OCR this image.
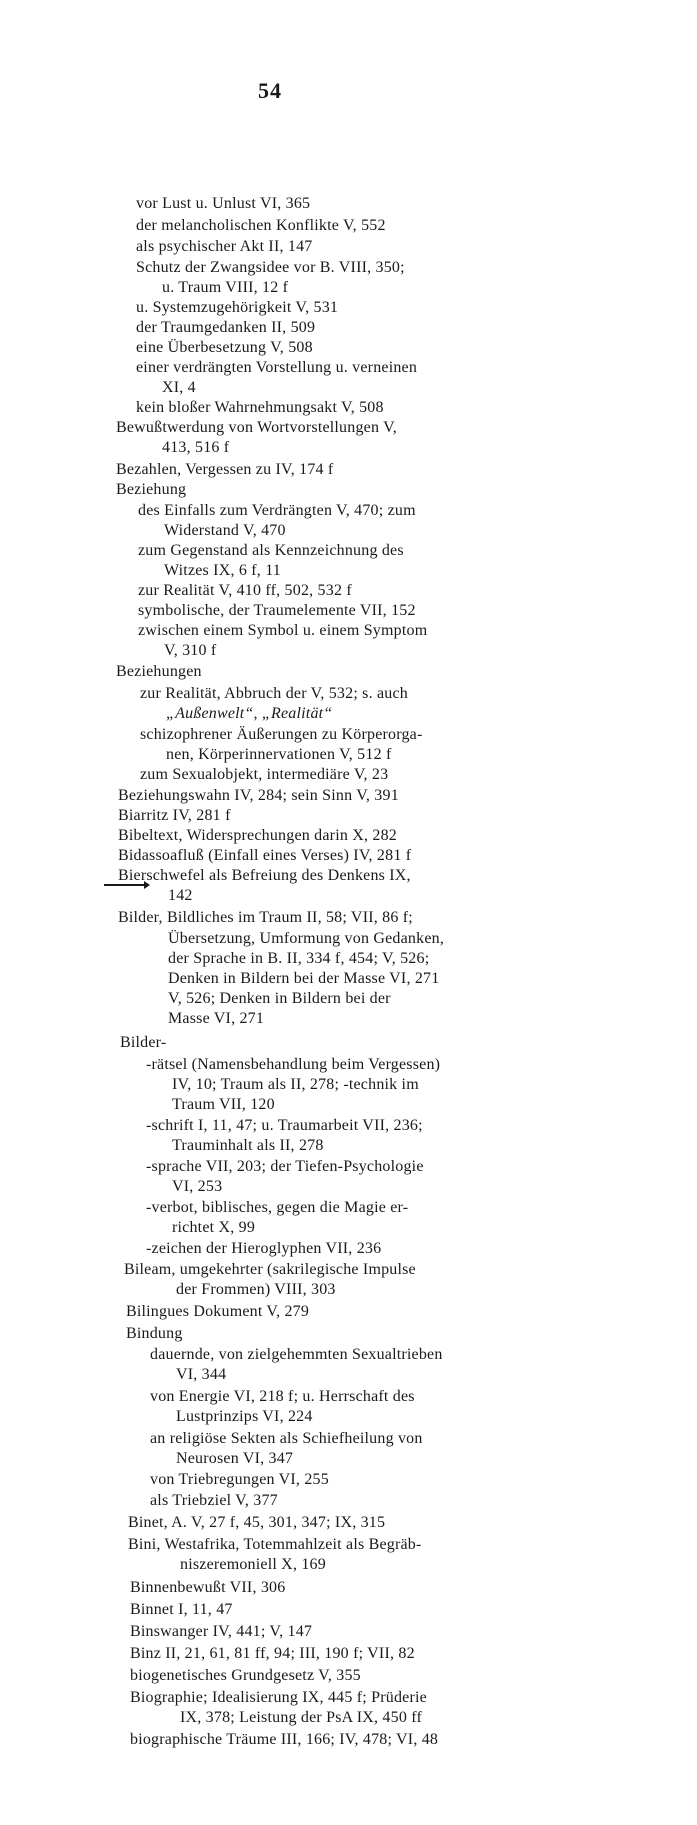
54
vor Lust u. Unlust VI, 365
der melancholischen Konflikte V, 552
als psychischer Akt II, 147
Schutz der Zwangsidee vor B. VIII, 350;
u. Traum VIII, 12 f
u. Systemzugehörigkeit V, 531
der Traumgedanken II, 509
eine Überbesetzung V, 508
einer verdrängten Vorstellung u. verneinen
XI, 4
kein bloßer Wahrnehmungsakt V, 508
Bewußtwerdung von Wortvorstellungen V,
413, 516 f
Bezahlen, Vergessen zu IV, 174 f
Beziehung
des Einfalls zum Verdrängten V, 470; zum
Widerstand V, 470
zum Gegenstand als Kennzeichnung des
Witzes IX, 6 f, 11
zur Realität V, 410 ff, 502, 532 f
symbolische, der Traumelemente VII, 152
zwischen einem Symbol u. einem Symptom
V, 310 f
Beziehungen
zur Realität, Abbruch der V, 532; s. auch
„Außenwelt“, „Realität“
schizophrener Äußerungen zu Körperorga-
nen, Körperinnervationen V, 512 f
zum Sexualobjekt, intermediäre V, 23
Beziehungswahn IV, 284; sein Sinn V, 391
Biarritz IV, 281 f
Bibeltext, Widersprechungen darin X, 282
Bidassoafluß (Einfall eines Verses) IV, 281 f
Bierschwefel als Befreiung des Denkens IX,
142
Bilder, Bildliches im Traum II, 58; VII, 86 f;
Übersetzung, Umformung von Gedanken,
der Sprache in B. II, 334 f, 454; V, 526;
Denken in Bildern bei der Masse VI, 271
V, 526; Denken in Bildern bei der
Masse VI, 271
Bilder-
-rätsel (Namensbehandlung beim Vergessen)
IV, 10; Traum als II, 278; -technik im
Traum VII, 120
-schrift I, 11, 47; u. Traumarbeit VII, 236;
Trauminhalt als II, 278
-sprache VII, 203; der Tiefen-Psychologie
VI, 253
-verbot, biblisches, gegen die Magie er-
richtet X, 99
-zeichen der Hieroglyphen VII, 236
Bileam, umgekehrter (sakrilegische Impulse
der Frommen) VIII, 303
Bilingues Dokument V, 279
Bindung
dauernde, von zielgehemmten Sexualtrieben
VI, 344
von Energie VI, 218 f; u. Herrschaft des
Lustprinzips VI, 224
an religiöse Sekten als Schiefheilung von
Neurosen VI, 347
von Triebregungen VI, 255
als Triebziel V, 377
Binet, A. V, 27 f, 45, 301, 347; IX, 315
Bini, Westafrika, Totemmahlzeit als Begräb-
niszeremoniell X, 169
Binnenbewußt VII, 306
Binnet I, 11, 47
Binswanger IV, 441; V, 147
Binz II, 21, 61, 81 ff, 94; III, 190 f; VII, 82
biogenetisches Grundgesetz V, 355
Biographie; Idealisierung IX, 445 f; Prüderie
IX, 378; Leistung der PsA IX, 450 ff
biographische Träume III, 166; IV, 478; VI, 48
